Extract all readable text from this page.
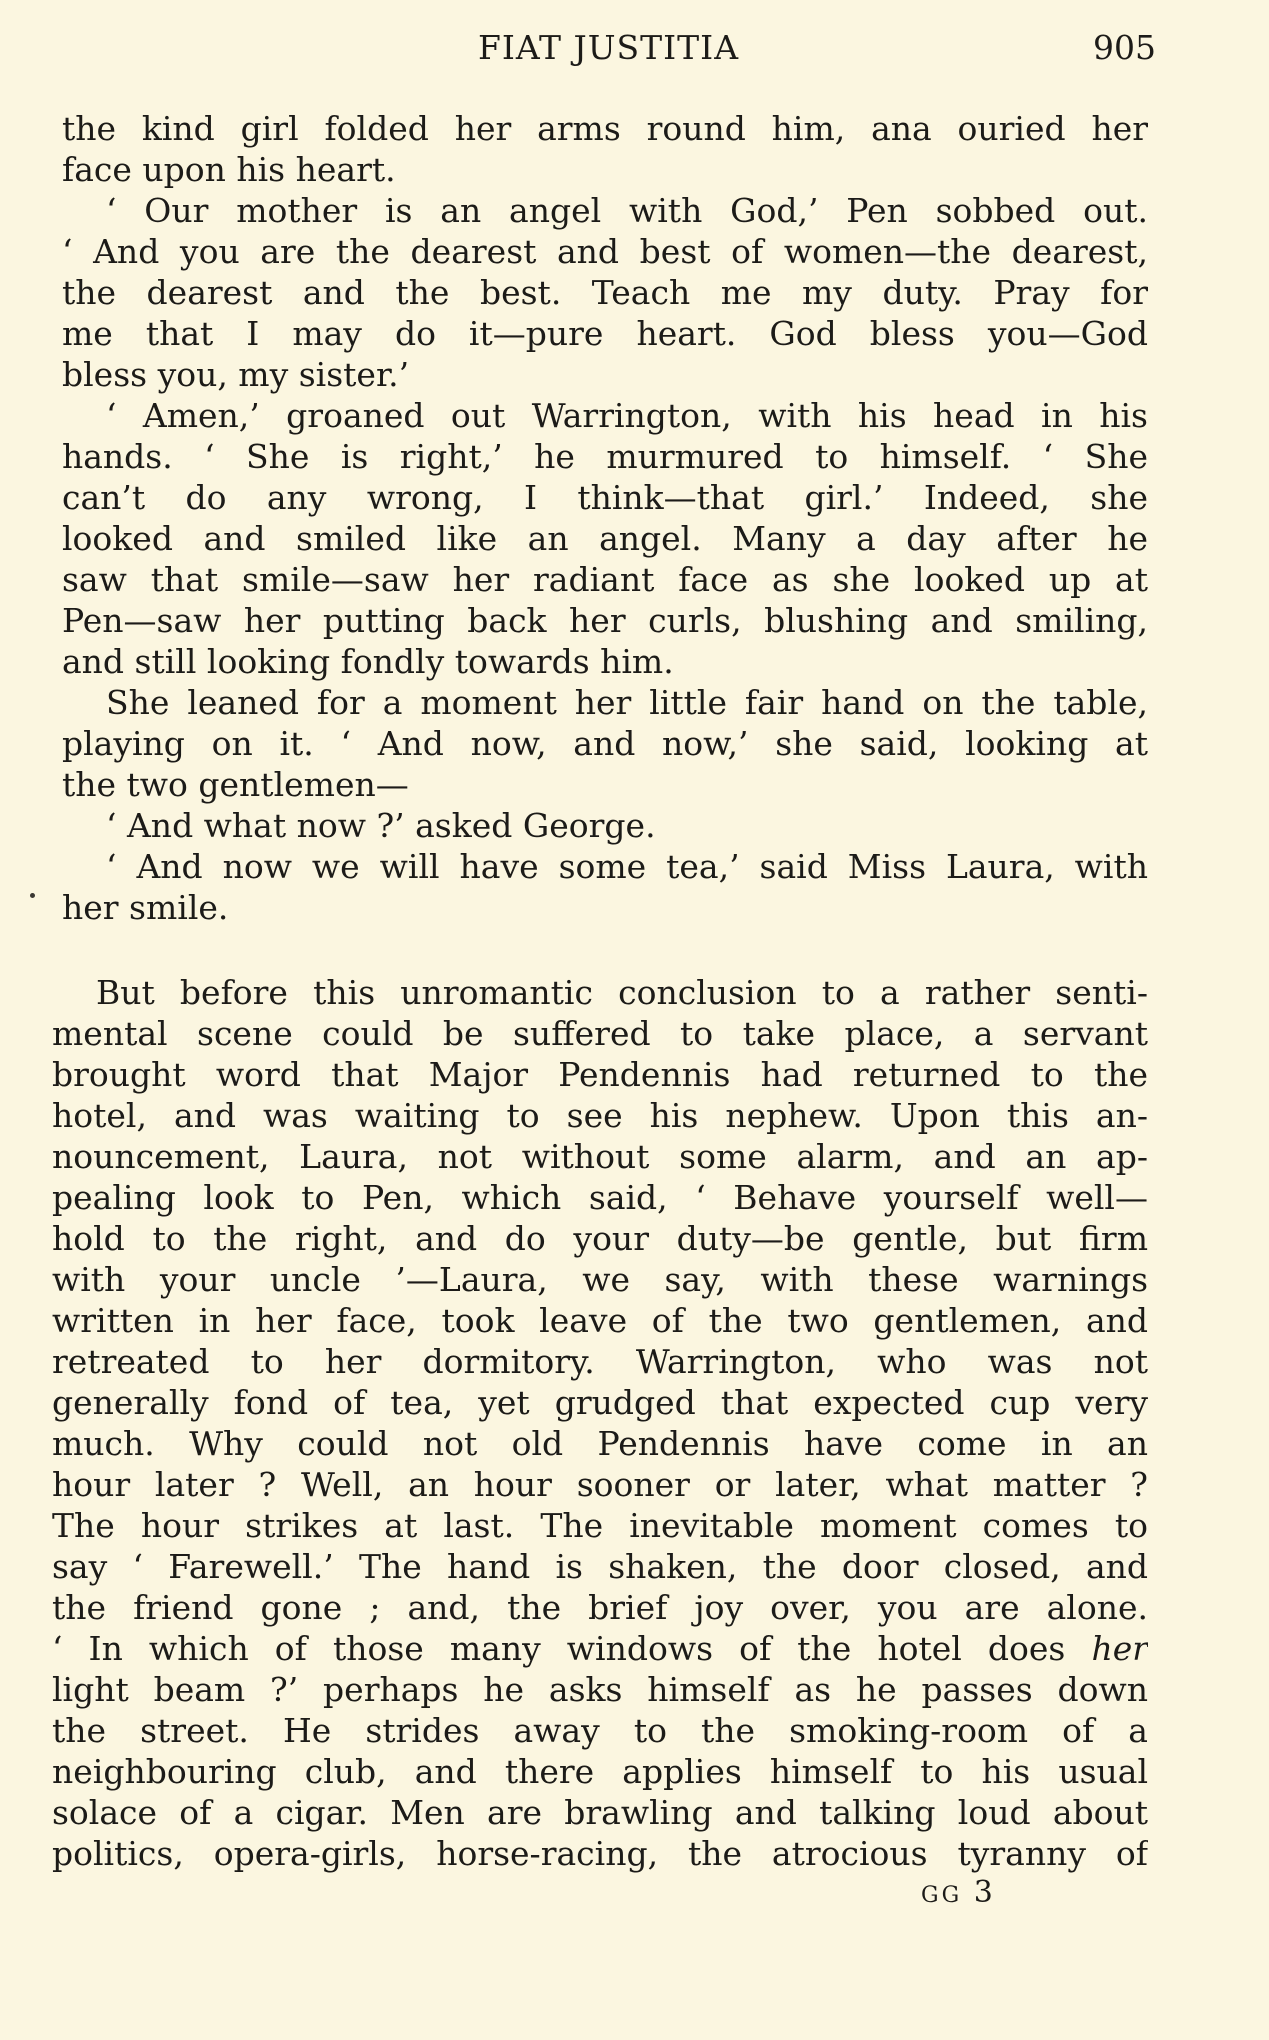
FIAT JUSTITIA	905
the kind girl folded her arms round him, ana ouried her
face upon his heart.
‘ Our mother is an angel with God,’ Pen sobbed out.
‘ And you are the dearest and best of women—the dearest,
the dearest and the best. Teach me my duty. Pray for
me that I may do it—pure heart. God bless you—God
bless you, my sister.’
‘ Amen,’ groaned out Warrington, with his head in his
hands. ‘ She is right,’ he murmured to himself. ‘ She
can’t do any wrong, I think—that girl.’ Indeed, she
looked and smiled like an angel. Many a day after he
saw that smile—saw her radiant face as she looked up at
Pen—saw her putting back her curls, blushing and smiling,
and still looking fondly towards him.
She leaned for a moment her little fair hand on the table,
playing on it. ‘ And now, and now,’ she said, looking at
the two gentlemen—
‘ And what now ?’ asked George.
‘ And now we will have some tea,’ said Miss Laura, with
her smile.
But before this unromantic conclusion to a rather senti-
mental scene could be suffered to take place, a servant
brought word that Major Pendennis had returned to the
hotel, and was waiting to see his nephew. Upon this an-
nouncement, Laura, not without some alarm, and an ap-
pealing look to Pen, which said, ‘ Behave yourself well—
hold to the right, and do your duty—be gentle, but firm
with your uncle ’—Laura, we say, with these warnings
written in her face, took leave of the two gentlemen, and
retreated to her dormitory. Warrington, who was not
generally fond of tea, yet grudged that expected cup very
much. Why could not old Pendennis have come in an
hour later ? Well, an hour sooner or later, what matter ?
The hour strikes at last. The inevitable moment comes to
say ‘ Farewell.’ The hand is shaken, the door closed, and
the friend gone ; and, the brief joy over, you are alone.
‘ In which of those many windows of the hotel does her
light beam ?’ perhaps he asks himself as he passes down
the street. He strides away to the smoking-room of a
neighbouring club, and there applies himself to his usual
solace of a cigar. Men are brawling and talking loud about
politics, opera-girls, horse-racing, the atrocious tyranny of
GG 3
